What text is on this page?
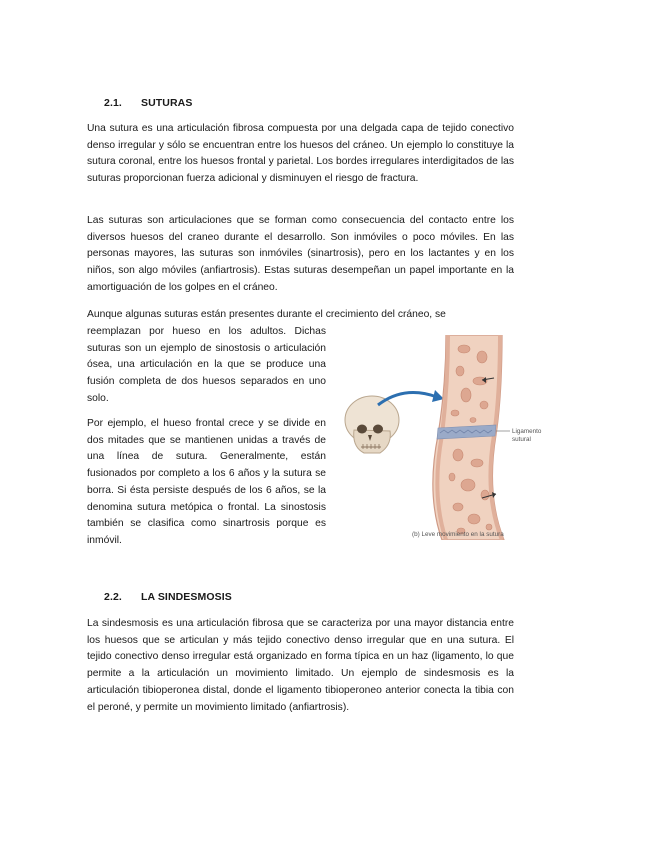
2.1. SUTURAS

Una sutura es una articulación fibrosa compuesta por una delgada capa de tejido conectivo denso irregular y sólo se encuentran entre los huesos del cráneo. Un ejemplo lo constituye la sutura coronal, entre los huesos frontal y parietal. Los bordes irregulares interdigitados de las suturas proporcionan fuerza adicional y disminuyen el riesgo de fractura.

Las suturas son articulaciones que se forman como consecuencia del contacto entre los diversos huesos del craneo durante el desarrollo. Son inmóviles o poco móviles. En las personas mayores, las suturas son inmóviles (sinartrosis), pero en los lactantes y en los niños, son algo móviles (anfiartrosis). Estas suturas desempeñan un papel importante en la amortiguación de los golpes en el cráneo.

Aunque algunas suturas están presentes durante el crecimiento del cráneo, se

reemplazan por hueso en los adultos. Dichas suturas son un ejemplo de sinostosis o articulación ósea, una articulación en la que se produce una fusión completa de dos huesos separados en uno solo.

Por ejemplo, el hueso frontal crece y se divide en dos mitades que se mantienen unidas a través de una línea de sutura. Generalmente, están fusionados por completo a los 6 años y la sutura se borra. Si ésta persiste después de los 6 años, se la denomina sutura metópica o frontal. La sinostosis también se clasifica como sinartrosis porque es inmóvil.

Ligamento
sutural
(b) Leve movimiento en la sutura
2.2. LA SINDESMOSIS

La sindesmosis es una articulación fibrosa que se caracteriza por una mayor distancia entre los huesos que se articulan y más tejido conectivo denso irregular que en una sutura. El tejido conectivo denso irregular está organizado en forma típica en un haz (ligamento, lo que permite a la articulación un movimiento limitado. Un ejemplo de sindesmosis es la articulación tibioperonea distal, donde el ligamento tibioperoneo anterior conecta la tibia con el peroné, y permite un movimiento limitado (anfiartrosis).
